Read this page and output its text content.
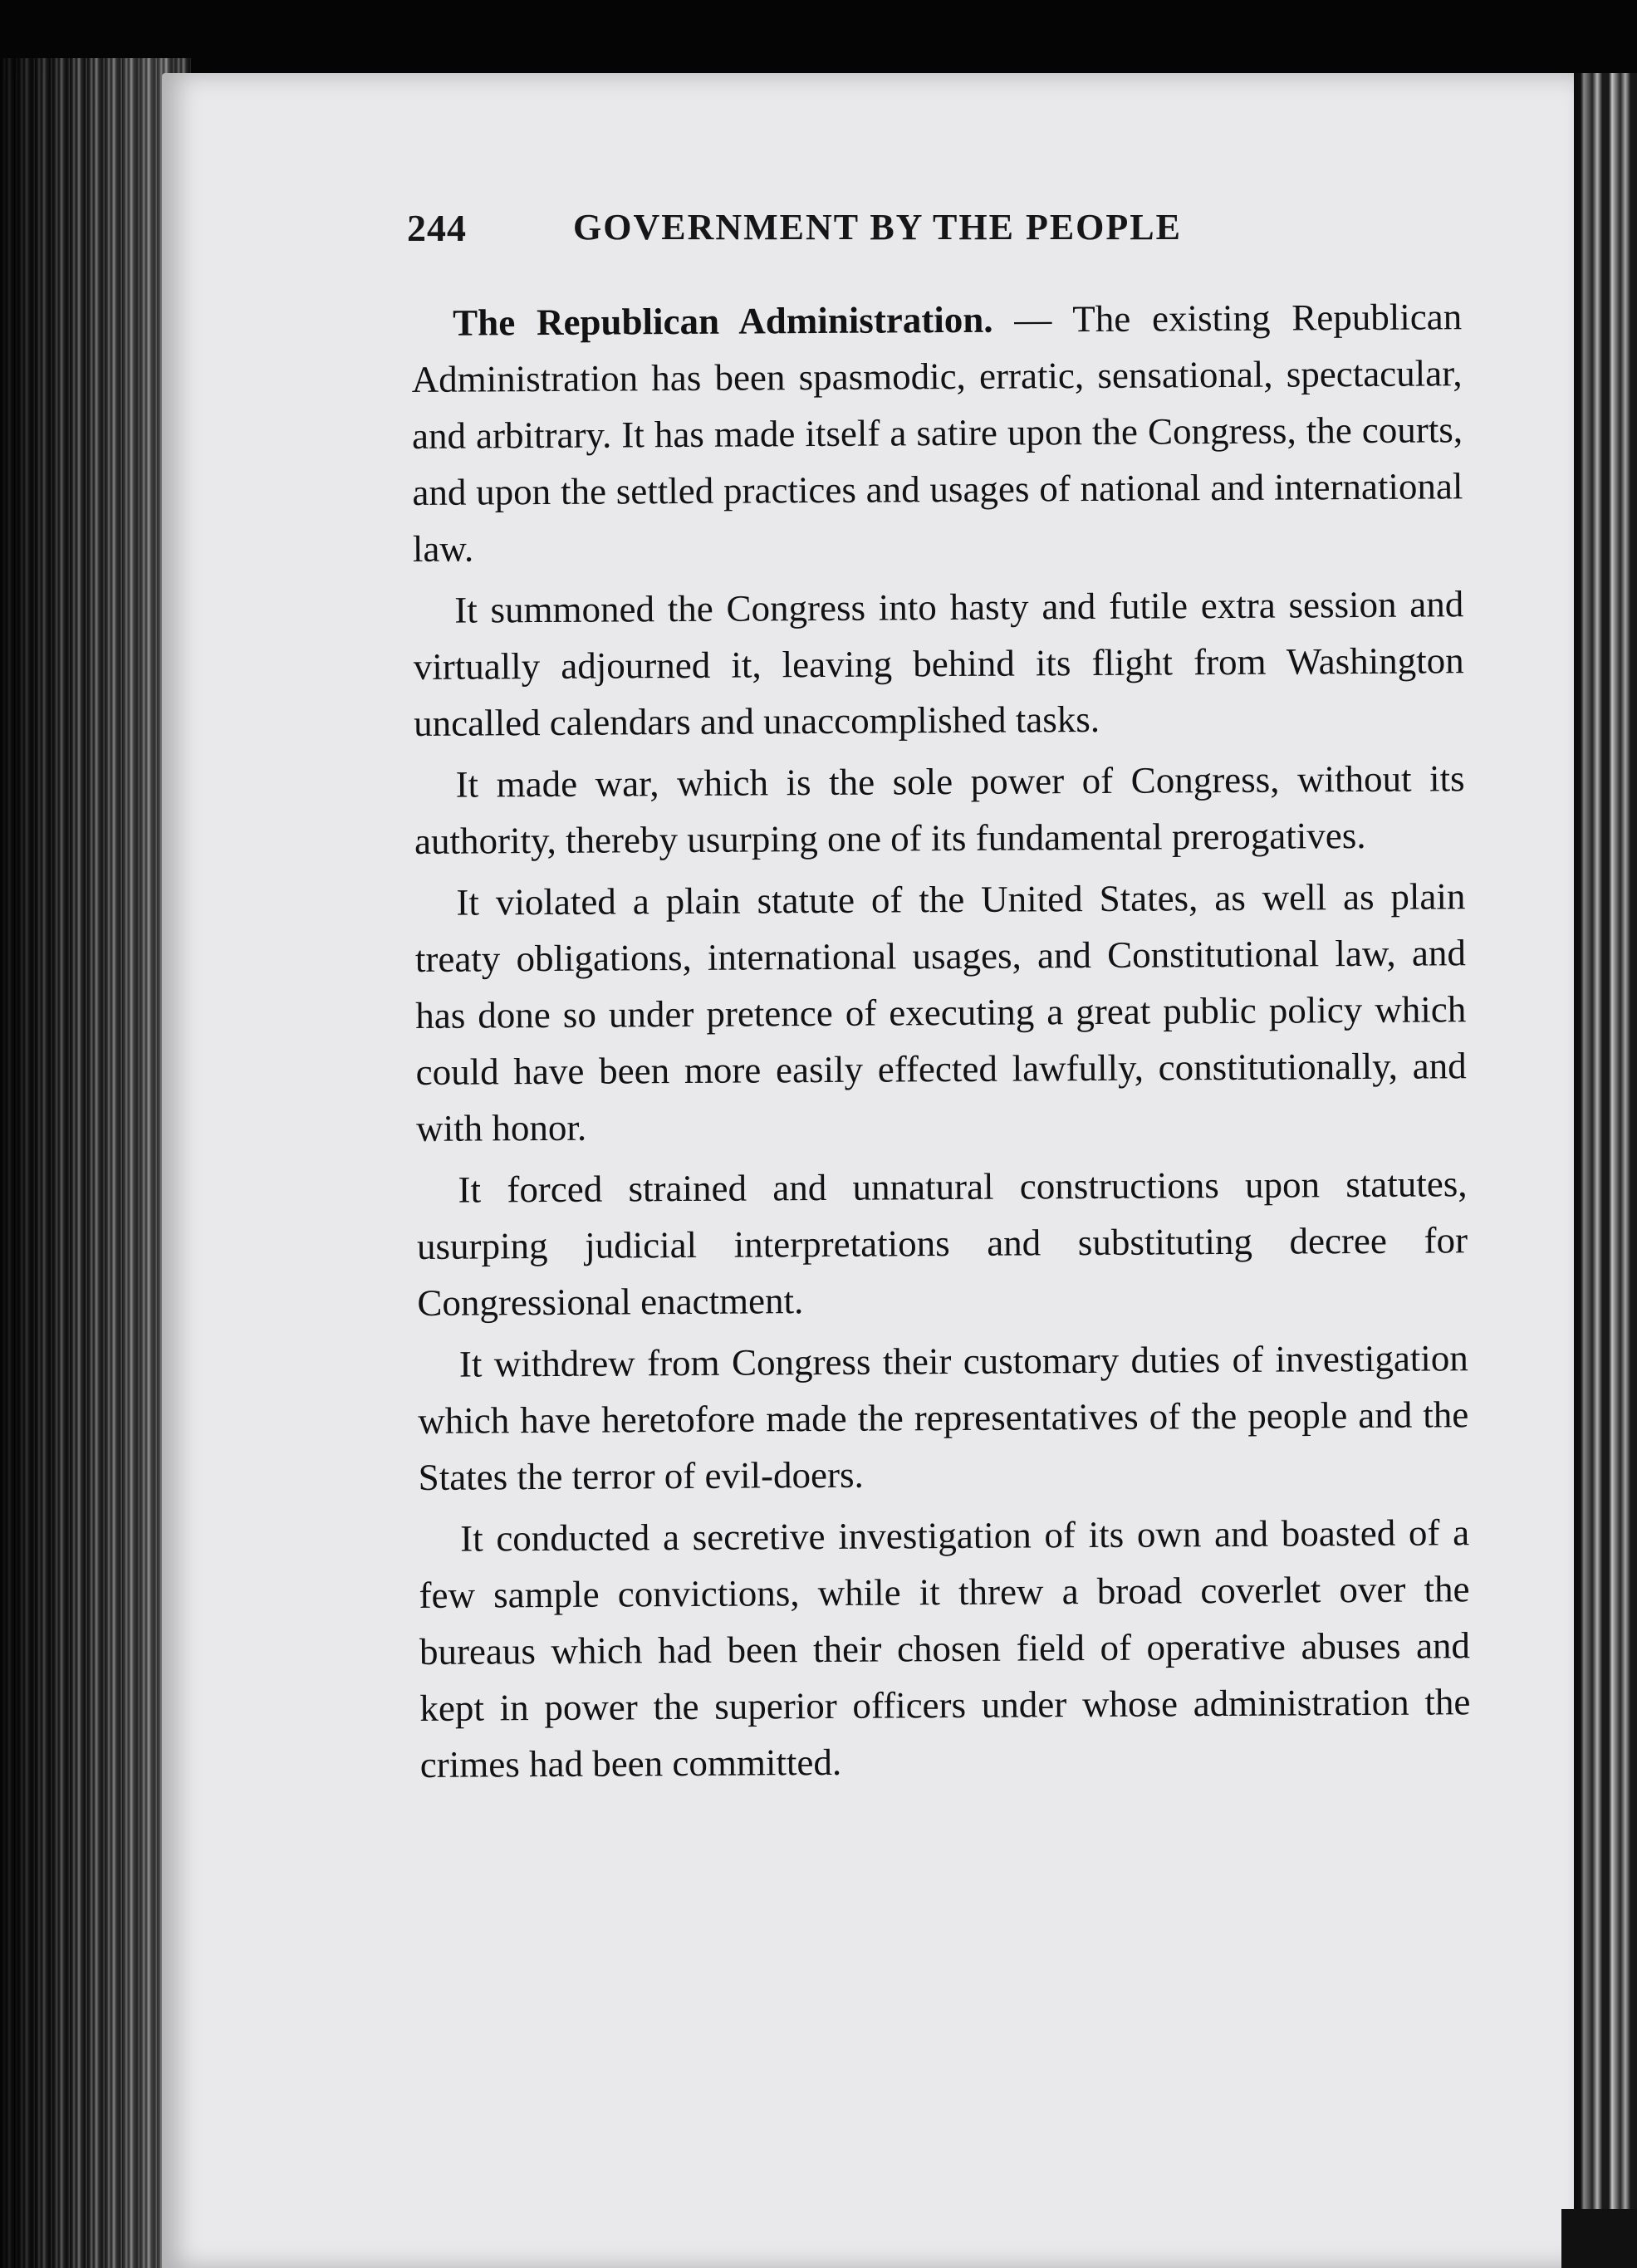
244	GOVERNMENT BY THE PEOPLE

The Republican Administration. — The existing Republican Administration has been spasmodic, erratic, sensational, spectacular, and arbitrary. It has made itself a satire upon the Congress, the courts, and upon the settled practices and usages of national and international law.

It summoned the Congress into hasty and futile extra session and virtually adjourned it, leaving behind its flight from Washington uncalled calendars and unaccomplished tasks.

It made war, which is the sole power of Congress, without its authority, thereby usurping one of its fundamental prerogatives.

It violated a plain statute of the United States, as well as plain treaty obligations, international usages, and Constitutional law, and has done so under pretence of executing a great public policy which could have been more easily effected lawfully, constitutionally, and with honor.

It forced strained and unnatural constructions upon statutes, usurping judicial interpretations and substituting decree for Congressional enactment.

It withdrew from Congress their customary duties of investigation which have heretofore made the representatives of the people and the States the terror of evil-doers.

It conducted a secretive investigation of its own and boasted of a few sample convictions, while it threw a broad coverlet over the bureaus which had been their chosen field of operative abuses and kept in power the superior officers under whose administration the crimes had been committed.
